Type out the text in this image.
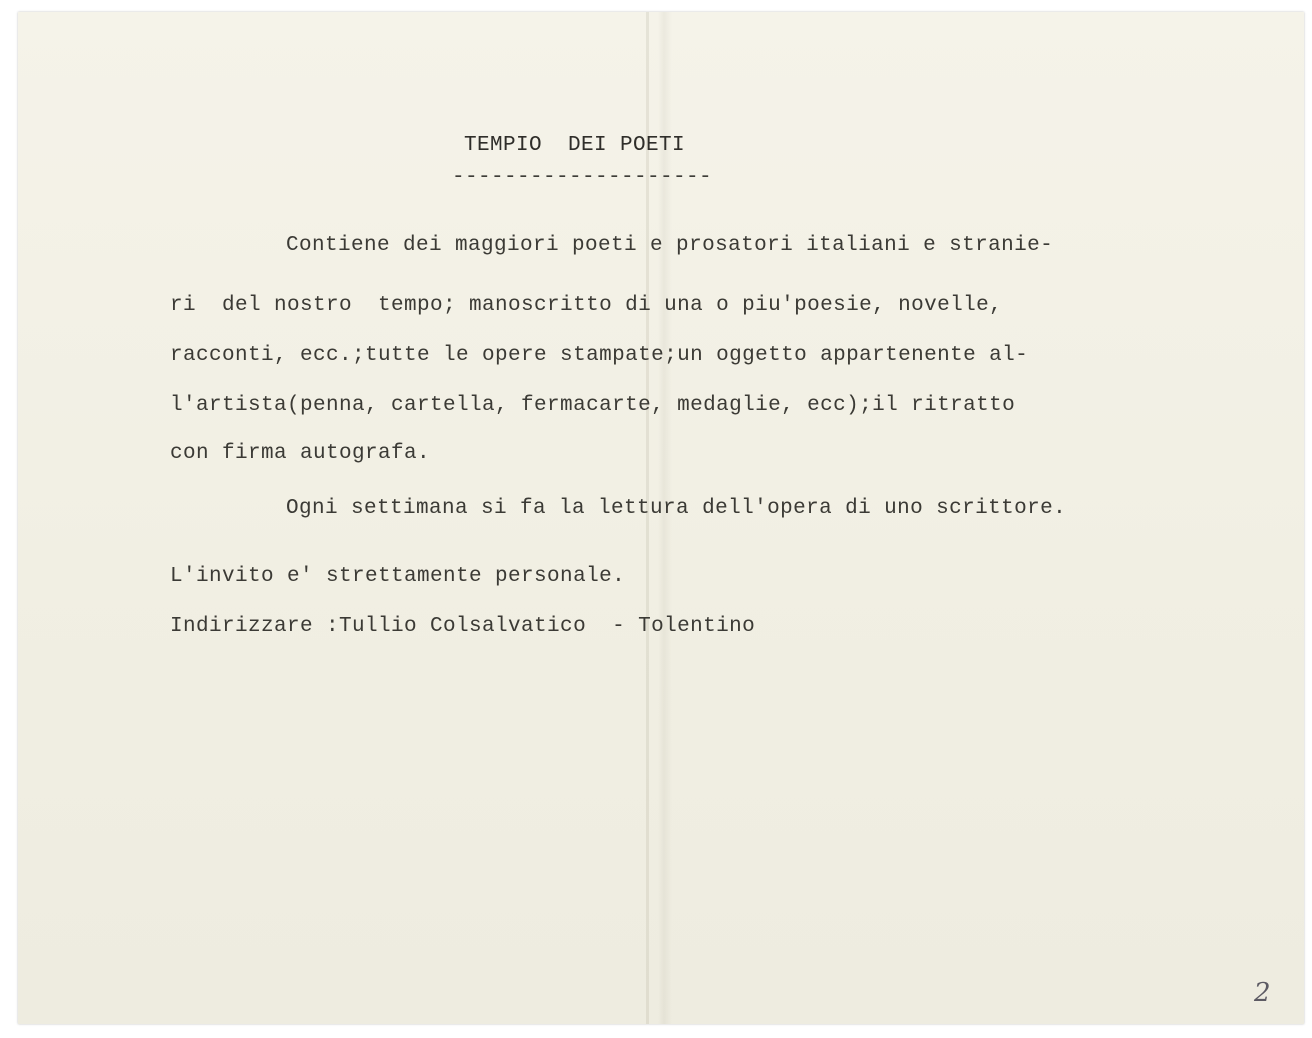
TEMPIO  DEI POETI
--------------------
Contiene dei maggiori poeti e prosatori italiani e stranie-
ri  del nostro  tempo; manoscritto di una o piu'poesie, novelle,
racconti, ecc.;tutte le opere stampate;un oggetto appartenente al-
l'artista(penna, cartella, fermacarte, medaglie, ecc);il ritratto
con firma autografa.
Ogni settimana si fa la lettura dell'opera di uno scrittore.
L'invito e' strettamente personale.
Indirizzare :Tullio Colsalvatico  - Tolentino
2
